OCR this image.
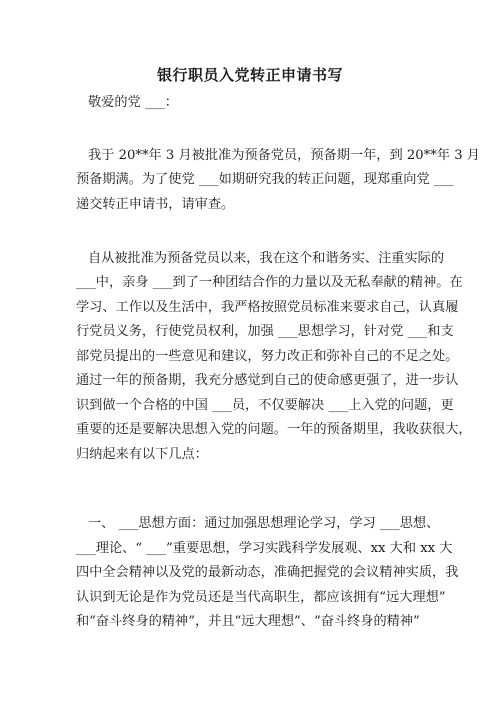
银行职员入党转正申请书写
敬爱的党 ___：
我于 20**年 3 月被批准为预备党员，预备期一年，到 20**年 3 月
预备期满。为了使党 ___如期研究我的转正问题，现郑重向党 ___
递交转正申请书，请审查。
自从被批准为预备党员以来，我在这个和谐务实、注重实际的
___中，亲身 ___到了一种团结合作的力量以及无私奉献的精神。在
学习、工作以及生活中，我严格按照党员标准来要求自己，认真履
行党员义务，行使党员权利，加强 ___思想学习，针对党 ___和支
部党员提出的一些意见和建议，努力改正和弥补自己的不足之处。
通过一年的预备期，我充分感觉到自己的使命感更强了，进一步认
识到做一个合格的中国 ___员，不仅要解决 ___上入党的问题，更
重要的还是要解决思想入党的问题。一年的预备期里，我收获很大，
归纳起来有以下几点：
一、 ___思想方面：通过加强思想理论学习，学习 ___思想、
___理论、“ ___”重要思想，学习实践科学发展观、xx 大和 xx 大
四中全会精神以及党的最新动态，准确把握党的会议精神实质，我
认识到无论是作为党员还是当代高职生，都应该拥有“远大理想”
和“奋斗终身的精神”，并且“远大理想”、“奋斗终身的精神”
